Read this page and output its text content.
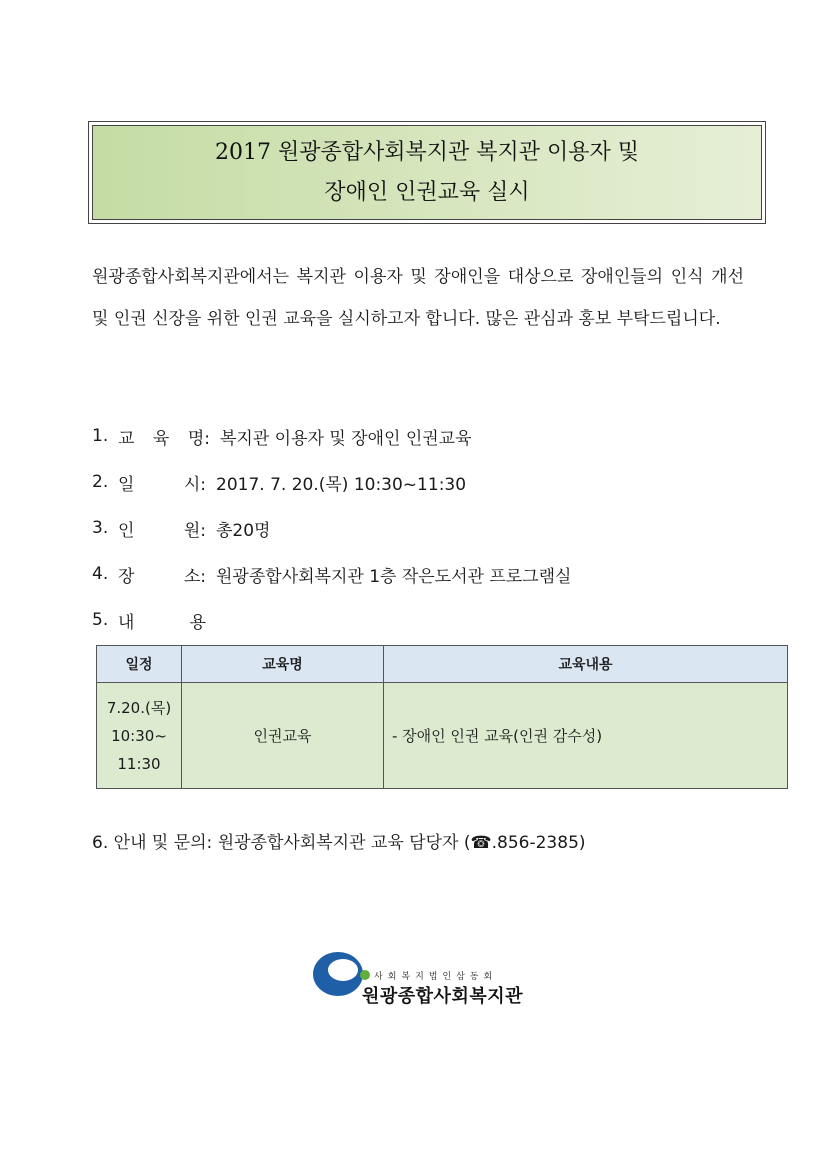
2017 원광종합사회복지관 복지관 이용자 및
장애인 인권교육 실시

원광종합사회복지관에서는 복지관 이용자 및 장애인을 대상으로 장애인들의 인식 개선 및 인권 신장을 위한 인권 교육을 실시하고자 합니다. 많은 관심과 홍보 부탁드립니다.

1. 교 육 명: 복지관 이용자 및 장애인 인권교육
2. 일	시: 2017. 7. 20.(목) 10:30~11:30
3. 인	원: 총20명
4. 장	소: 원광종합사회복지관 1층 작은도서관 프로그램실
5. 내	용
일정	교육명	교육내용

7.20.(목)
10:30~
11:30	인권교육	- 장애인 인권 교육(인권 감수성)
6. 안내 및 문의: 원광종합사회복지관 교육 담당자 (☎.856-2385)
사회복지법인삼동회
원광종합사회복지관
